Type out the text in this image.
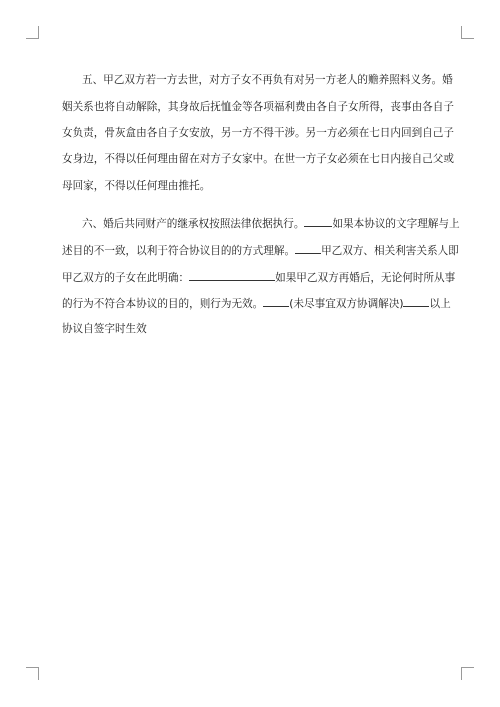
五、甲乙双方若一方去世，对方子女不再负有对另一方老人的赡养照料义务。婚
姻关系也将自动解除，其身故后抚恤金等各项福利费由各自子女所得，丧事由各自子
女负责，骨灰盒由各自子女安放，另一方不得干涉。另一方必须在七日内回到自己子
女身边，不得以任何理由留在对方子女家中。在世一方子女必须在七日内接自己父或
母回家，不得以任何理由推托。
六、婚后共同财产的继承权按照法律依据执行。	如果本协议的文字理解与上
述目的不一致，以利于符合协议目的的方式理解。 甲乙双方、相关利害关系人即
甲乙双方的子女在此明确：	如果甲乙双方再婚后，无论何时所从事
的行为不符合本协议的目的，则行为无效。 (未尽事宜双方协调解决) 以上
协议自签字时生效
